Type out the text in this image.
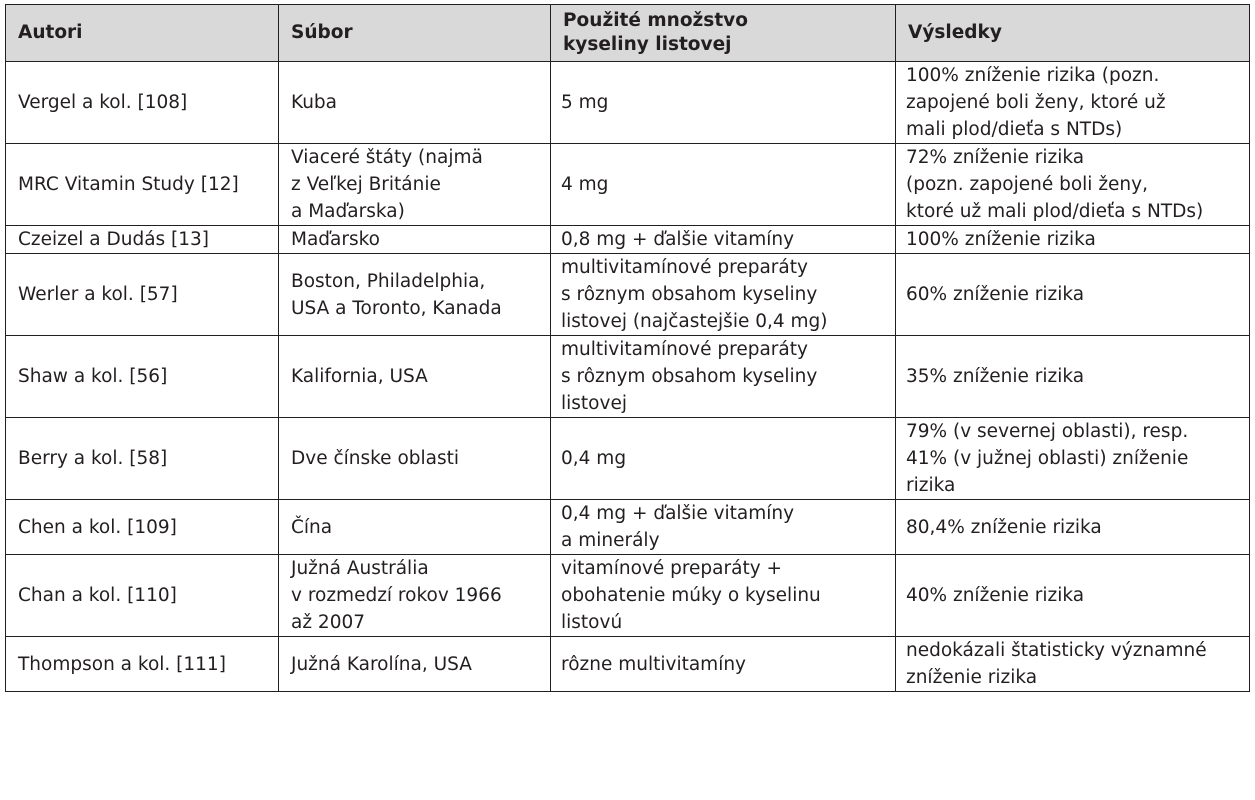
Autori	Súbor	Použité množstvo
kyseliny listovej	Výsledky

Vergel a kol. [108]	Kuba	5 mg	100% zníženie rizika (pozn.
zapojené boli ženy, ktoré už
mali plod/dieťa s NTDs)

MRC Vitamin Study [12]	Viaceré štáty (najmä
z Veľkej Británie
a Maďarska)	4 mg	72% zníženie rizika
(pozn. zapojené boli ženy,
ktoré už mali plod/dieťa s NTDs)

Czeizel a Dudás [13]	Maďarsko	0,8 mg + ďalšie vitamíny	100% zníženie rizika

Werler a kol. [57]	Boston, Philadelphia,
USA a Toronto, Kanada	multivitamínové preparáty
s rôznym obsahom kyseliny
listovej (najčastejšie 0,4 mg)	60% zníženie rizika

Shaw a kol. [56]	Kalifornia, USA	multivitamínové preparáty
s rôznym obsahom kyseliny
listovej	35% zníženie rizika

Berry a kol. [58]	Dve čínske oblasti	0,4 mg	79% (v severnej oblasti), resp.
41% (v južnej oblasti) zníženie
rizika

Chen a kol. [109]	Čína	0,4 mg + ďalšie vitamíny
a minerály	80,4% zníženie rizika

Chan a kol. [110]	Južná Austrália
v rozmedzí rokov 1966
až 2007	vitamínové preparáty +
obohatenie múky o kyselinu
listovú	40% zníženie rizika

Thompson a kol. [111]	Južná Karolína, USA	rôzne multivitamíny	nedokázali štatisticky významné
zníženie rizika
